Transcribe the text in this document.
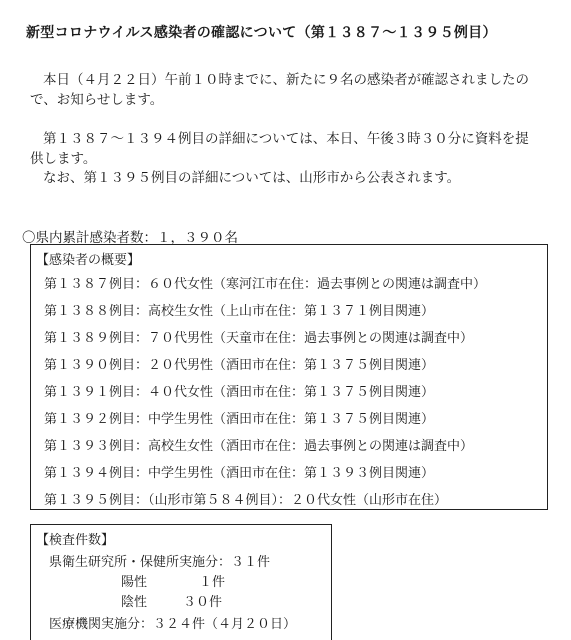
新型コロナウイルス感染者の確認について（第１３８７～１３９５例目）

本日（４月２２日）午前１０時までに、新たに９名の感染者が確認されましたので、お知らせします。

第１３８７～１３９４例目の詳細については、本日、午後３時３０分に資料を提供します。

なお、第１３９５例目の詳細については、山形市から公表されます。

〇県内累計感染者数：１，３９０名
【感染者の概要】
第１３８７例目：６０代女性（寒河江市在住：過去事例との関連は調査中）
第１３８８例目：高校生女性（上山市在住：第１３７１例目関連）
第１３８９例目：７０代男性（天童市在住：過去事例との関連は調査中）
第１３９０例目：２０代男性（酒田市在住：第１３７５例目関連）
第１３９１例目：４０代女性（酒田市在住：第１３７５例目関連）
第１３９２例目：中学生男性（酒田市在住：第１３７５例目関連）
第１３９３例目：高校生女性（酒田市在住：過去事例との関連は調査中）
第１３９４例目：中学生男性（酒田市在住：第１３９３例目関連）
第１３９５例目：（山形市第５８４例目）：２０代女性（山形市在住）
【検査件数】
県衛生研究所・保健所実施分：３１件
陽性	１件
陰性	３０件
医療機関実施分：３２４件（４月２０日）
